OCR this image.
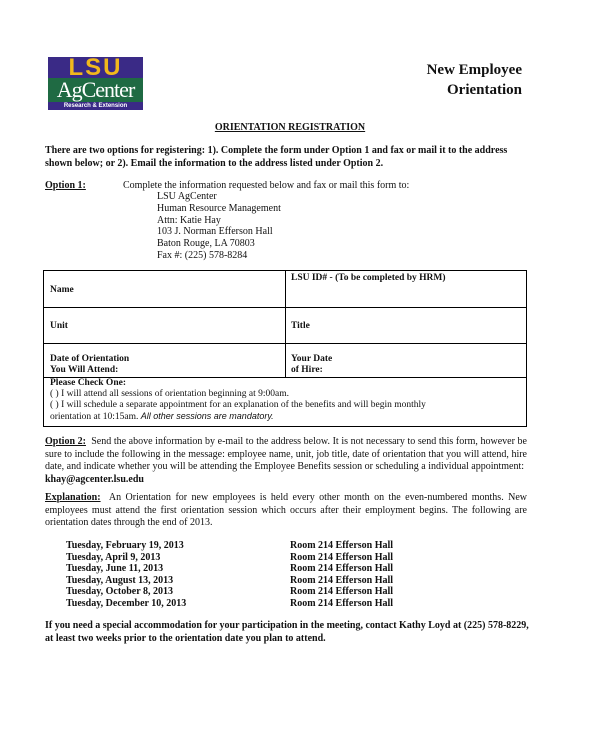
LSU
AgCenter
Research & Extension
New Employee
Orientation
ORIENTATION REGISTRATION

There are two options for registering: 1). Complete the form under Option 1 and fax or mail it to the address shown below; or 2). Email the information to the address listed under Option 2.

Option 1:	Complete the information requested below and fax or mail this form to:
LSU AgCenter
Human Resource Management
Attn: Katie Hay
103 J. Norman Efferson Hall
Baton Rouge, LA 70803
Fax #: (225) 578-8284
Name
LSU ID# - (To be completed by HRM)
Unit	Title
Date of Orientation
You Will Attend:
Your Date
of Hire:
Please Check One:
( ) I will attend all sessions of orientation beginning at 9:00am.
( ) I will schedule a separate appointment for an explanation of the benefits and will begin monthly
orientation at 10:15am. All other sessions are mandatory.

Option 2: Send the above information by e-mail to the address below. It is not necessary to send this form, however be sure to include the following in the message: employee name, unit, job title, date of orientation that you will attend, hire date, and indicate whether you will be attending the Employee Benefits session or scheduling a individual appointment:
khay@agcenter.lsu.edu

Explanation: An Orientation for new employees is held every other month on the even-numbered months. New employees must attend the first orientation session which occurs after their employment begins. The following are orientation dates through the end of 2013.

Tuesday, February 19, 2013
Tuesday, April 9, 2013
Tuesday, June 11, 2013
Tuesday, August 13, 2013
Tuesday, October 8, 2013
Tuesday, December 10, 2013
Room 214 Efferson Hall
Room 214 Efferson Hall
Room 214 Efferson Hall
Room 214 Efferson Hall
Room 214 Efferson Hall
Room 214 Efferson Hall

If you need a special accommodation for your participation in the meeting, contact Kathy Loyd at (225) 578-8229, at least two weeks prior to the orientation date you plan to attend.
